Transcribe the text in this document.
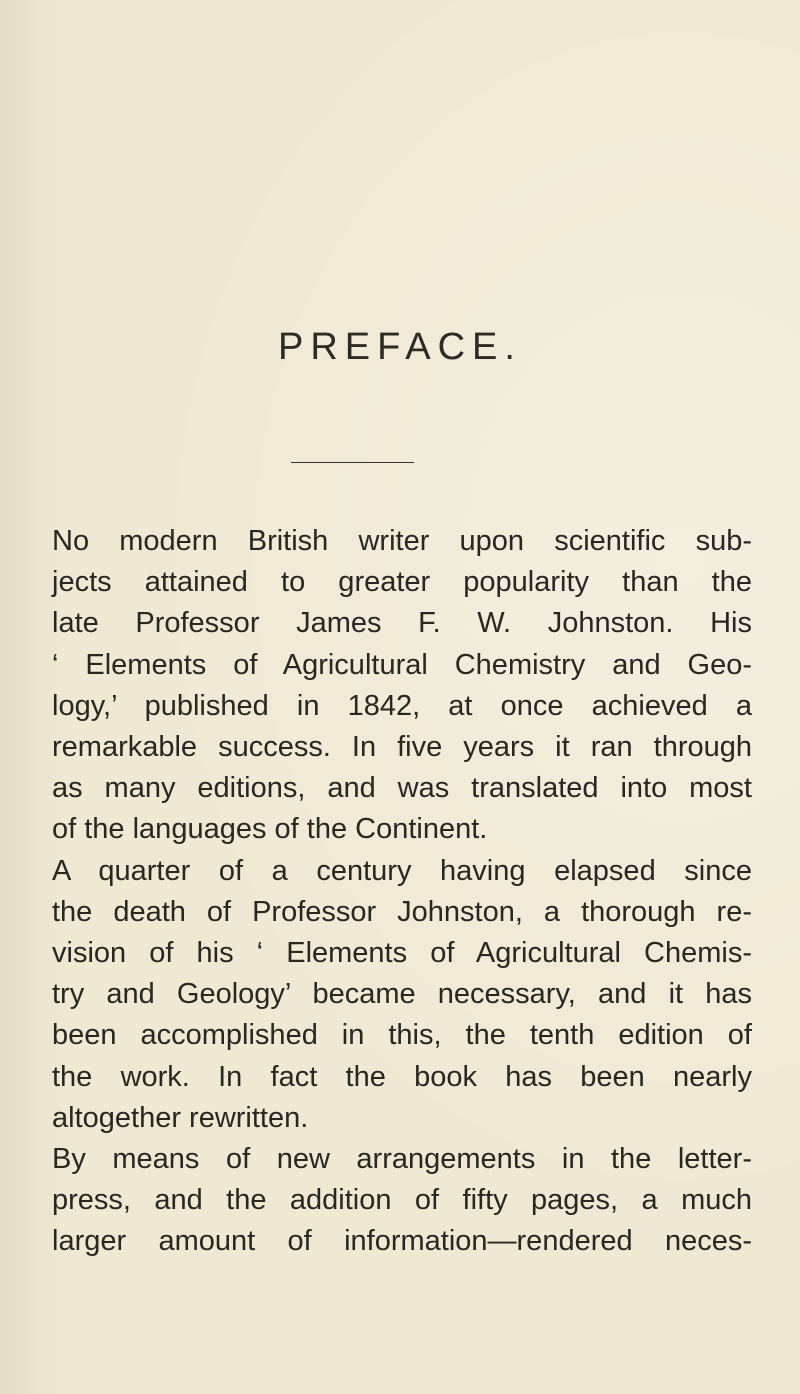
PREFACE.
No modern British writer upon scientific sub-
jects attained to greater popularity than the
late Professor James F. W. Johnston. His
‘ Elements of Agricultural Chemistry and Geo-
logy,’ published in 1842, at once achieved a
remarkable success. In five years it ran through
as many editions, and was translated into most
of the languages of the Continent.
A quarter of a century having elapsed since
the death of Professor Johnston, a thorough re-
vision of his ‘ Elements of Agricultural Chemis-
try and Geology’ became necessary, and it has
been accomplished in this, the tenth edition of
the work. In fact the book has been nearly
altogether rewritten.
By means of new arrangements in the letter-
press, and the addition of fifty pages, a much
larger amount of information—rendered neces-
